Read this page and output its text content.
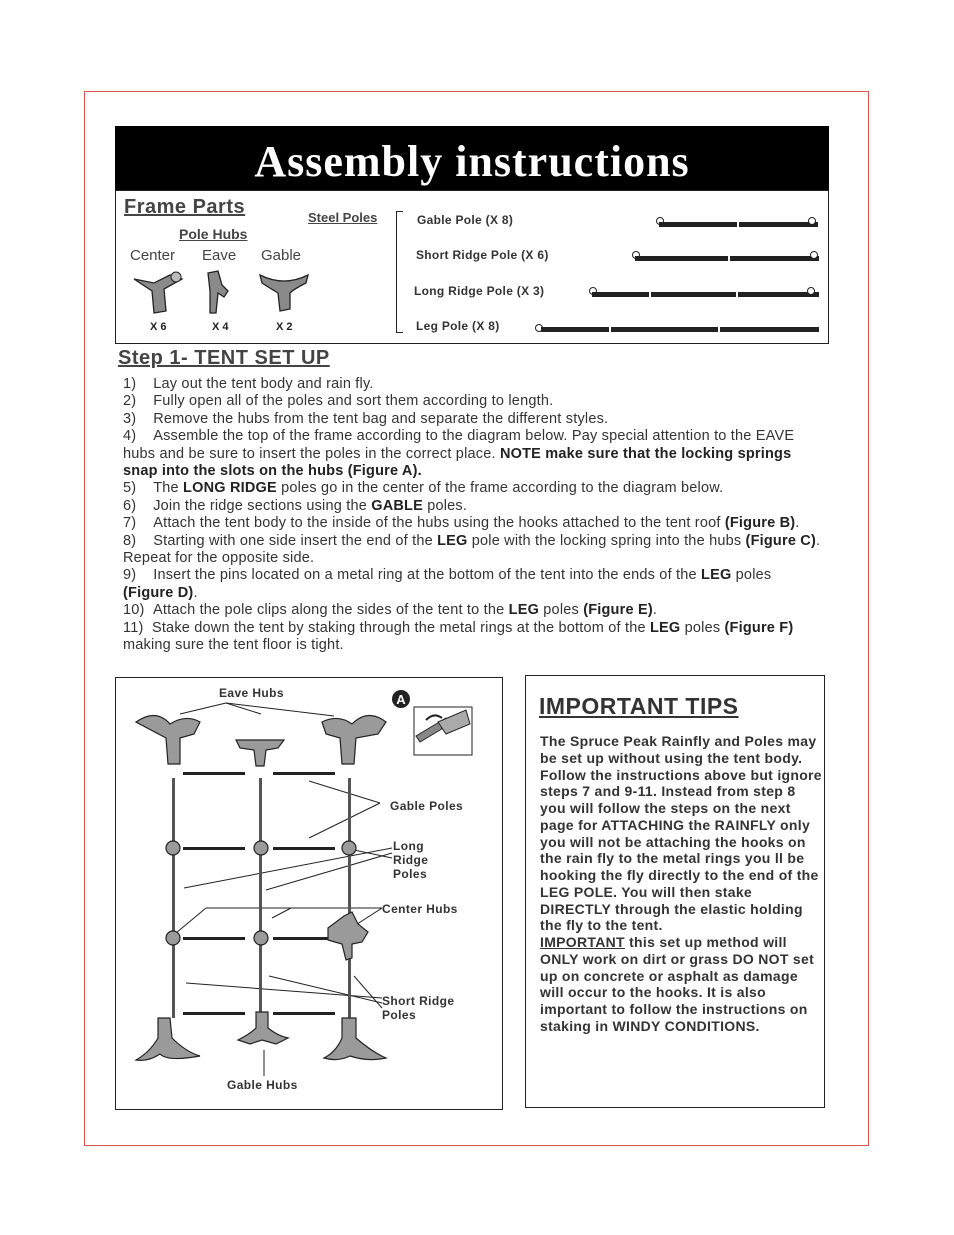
Assembly instructions
Frame Parts
Pole Hubs
Center Eave Gable
X 6	X 4	X 2
Steel Poles	Gable Pole (X 8)
Short Ridge Pole (X 6)
Long Ridge Pole (X 3)
Leg Pole (X 8)
Step 1- TENT SET UP

1) Lay out the tent body and rain fly.

2) Fully open all of the poles and sort them according to length.

3) Remove the hubs from the tent bag and separate the different styles.

4) Assemble the top of the frame according to the diagram below. Pay special attention to the EAVE hubs and be sure to insert the poles in the correct place. NOTE make sure that the locking springs snap into the slots on the hubs (Figure A).

5) The LONG RIDGE poles go in the center of the frame according to the diagram below.

6) Join the ridge sections using the GABLE poles.

7) Attach the tent body to the inside of the hubs using the hooks attached to the tent roof (Figure B).

8) Starting with one side insert the end of the LEG pole with the locking spring into the hubs (Figure C). Repeat for the opposite side.

9) Insert the pins located on a metal ring at the bottom of the tent into the ends of the LEG poles (Figure D).

10) Attach the pole clips along the sides of the tent to the LEG poles (Figure E).

11) Stake down the tent by staking through the metal rings at the bottom of the LEG poles (Figure F) making sure the tent floor is tight.

A
Eave Hubs
Gable Poles
Long
Ridge
Poles
Center Hubs
Short Ridge
Poles
Gable Hubs
IMPORTANT TIPS

The Spruce Peak Rainfly and Poles may be set up without using the tent body. Follow the instructions above but ignore steps 7 and 9-11. Instead from step 8 you will follow the steps on the next page for ATTACHING the RAINFLY only you will not be attaching the hooks on the rain fly to the metal rings you ll be hooking the fly directly to the end of the LEG POLE. You will then stake DIRECTLY through the elastic holding the fly to the tent.

IMPORTANT this set up method will ONLY work on dirt or grass DO NOT set up on concrete or asphalt as damage will occur to the hooks. It is also important to follow the instructions on staking in WINDY CONDITIONS.
